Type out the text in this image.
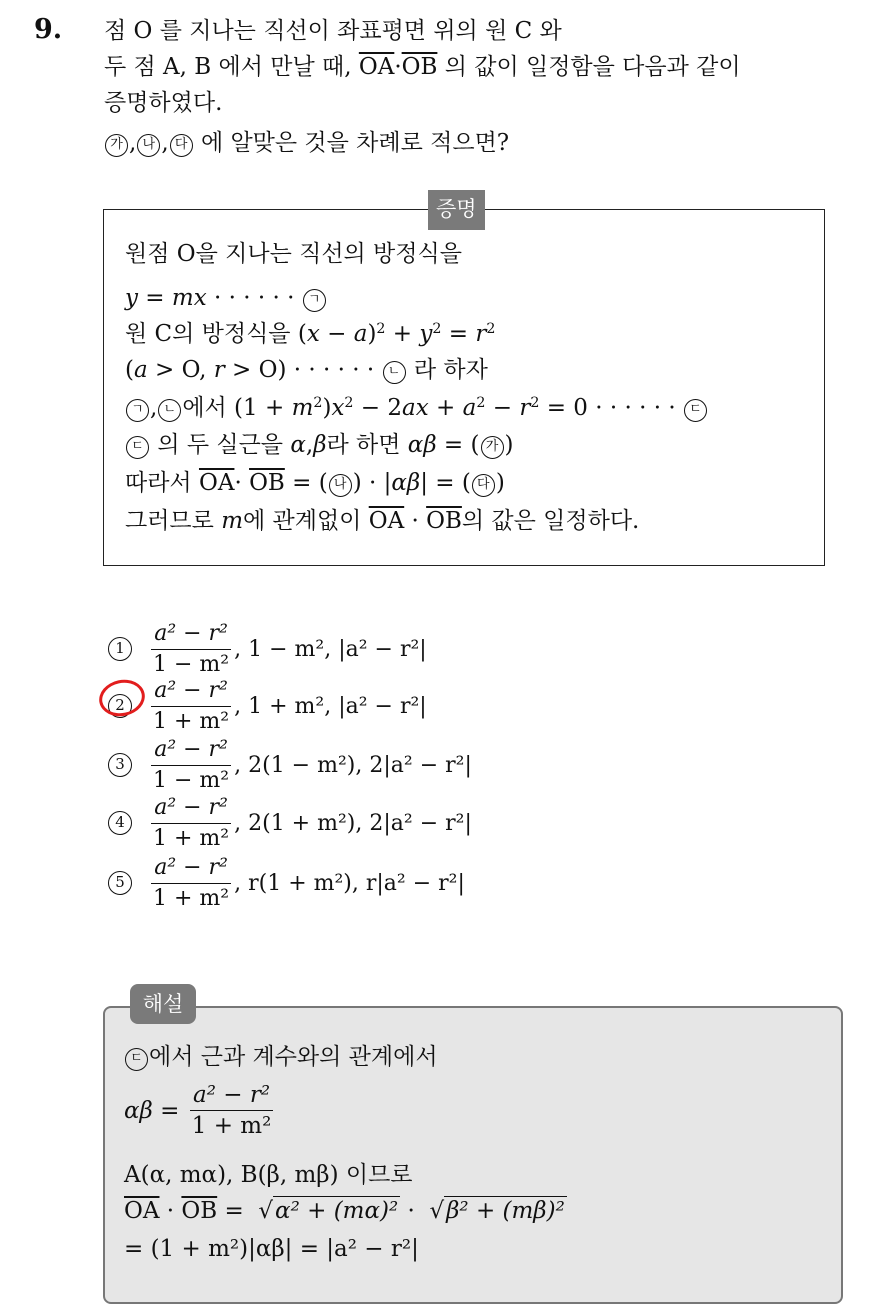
9. 점 O 를 지나는 직선이 좌표평면 위의 원 C 와
두 점 A, B 에서 만날 때, $\overline{OA}\cdot\overline{OB}$ 의 값이 일정함을 다음과 같이
증명하였다.
가 , 나 , 다 에 알맞은 것을 차례로 적으면?
증명
원점 O을 지나는 직선의 방정식을
y = mx · · · · · · ㄱ
원 C의 방정식을 $(x - a)^2 + y^2 = r^2$
(a > O, r > O) · · · · · · ㄴ 라 하자
ㄱ , ㄴ 에서 $(1 + m^2)x^2 - 2ax + a^2 - r^2 = 0$ · · · · · · ㄷ
ㄷ 의 두 실근을 α,β라 하면 αβ = ( 가 )
따라서 $\overline{OA}\cdot \overline{OB}$ = ( 나 ) · |αβ| = ( 다 )
그러므로 m에 관계없이 $\overline{OA} \cdot \overline{OB}$의 값은 일정하다.
1	$\frac{\text{a² − r²}}{\text{1 − m²}}$ , 1 − m², |a² − r²|
2	$\frac{\text{a² − r²}}{\text{1 + m²}}$ , 1 + m², |a² − r²|
3	$\frac{\text{a² − r²}}{\text{1 − m²}}$ , 2(1 − m²), 2|a² − r²|
4	$\frac{\text{a² − r²}}{\text{1 + m²}}$ , 2(1 + m²), 2|a² − r²|
5	$\frac{\text{a² − r²}}{\text{1 + m²}}$ , r(1 + m²), r|a² − r²|
해설
ㄷ 에서 근과 계수와의 관계에서
$\alpha\beta = \frac{\text{a² − r²}}{\text{1 + m²}}$
A(α, mα), B(β, mβ) 이므로
$\overline{OA} \cdot \overline{OB} = √\alpha^2 + (m\alpha)^2 \cdot √\beta^2 + (m\beta)^2$
= (1 + m²)|αβ| = |a² − r²|
